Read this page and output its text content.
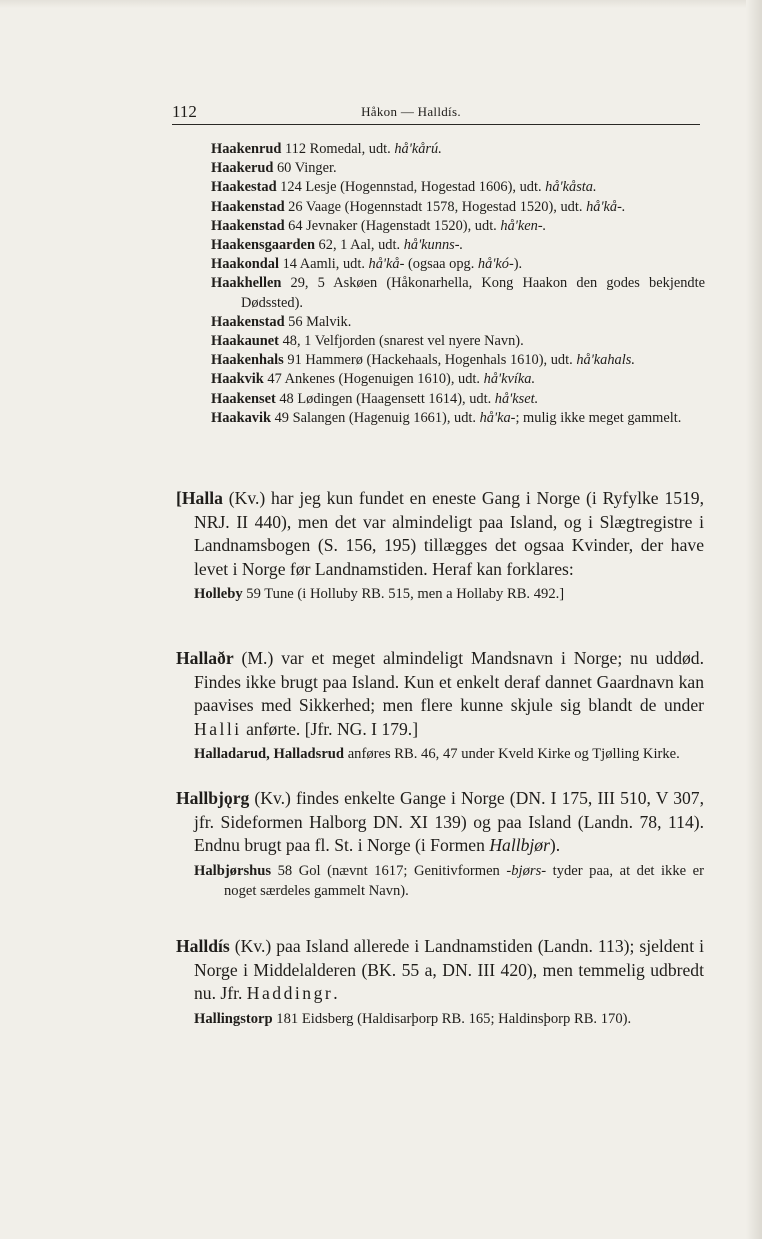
112	Håkon — Halldís.

Haakenrud 112 Romedal, udt. hå'kårú.

Haakerud 60 Vinger.

Haakestad 124 Lesje (Hogennstad, Hogestad 1606), udt. hå'kåsta.

Haakenstad 26 Vaage (Hogennstadt 1578, Hogestad 1520), udt. hå'kå-.

Haakenstad 64 Jevnaker (Hagenstadt 1520), udt. hå'ken-.

Haakensgaarden 62, 1 Aal, udt. hå'kunns-.

Haakondal 14 Aamli, udt. hå'kå- (ogsaa opg. hå'kó-).

Haakhellen 29, 5 Askøen (Håkonarhella, Kong Haakon den godes bekjendte Dødssted).

Haakenstad 56 Malvik.

Haakaunet 48, 1 Velfjorden (snarest vel nyere Navn).

Haakenhals 91 Hammerø (Hackehaals, Hogenhals 1610), udt. hå'kahals.

Haakvik 47 Ankenes (Hogenuigen 1610), udt. hå'kvíka.

Haakenset 48 Lødingen (Haagensett 1614), udt. hå'kset.

Haakavik 49 Salangen (Hagenuig 1661), udt. hå'ka-; mulig ikke meget gammelt.

[Halla (Kv.) har jeg kun fundet en eneste Gang i Norge (i Ryfylke 1519, NRJ. II 440), men det var almindeligt paa Island, og i Slægtregistre i Landnamsbogen (S. 156, 195) tillægges det ogsaa Kvinder, der have levet i Norge før Landnamstiden. Heraf kan forklares:

Holleby 59 Tune (i Holluby RB. 515, men a Hollaby RB. 492.]

Hallaðr (M.) var et meget almindeligt Mandsnavn i Norge; nu uddød. Findes ikke brugt paa Island. Kun et enkelt deraf dannet Gaardnavn kan paavises med Sikkerhed; men flere kunne skjule sig blandt de under Halli anførte. [Jfr. NG. I 179.]

Halladarud, Halladsrud anføres RB. 46, 47 under Kveld Kirke og Tjølling Kirke.

Hallbjǫrg (Kv.) findes enkelte Gange i Norge (DN. I 175, III 510, V 307, jfr. Sideformen Halborg DN. XI 139) og paa Island (Landn. 78, 114). Endnu brugt paa fl. St. i Norge (i Formen Hallbjør).

Halbjørshus 58 Gol (nævnt 1617; Genitivformen -bjørs- tyder paa, at det ikke er noget særdeles gammelt Navn).

Halldís (Kv.) paa Island allerede i Landnamstiden (Landn. 113); sjeldent i Norge i Middelalderen (BK. 55 a, DN. III 420), men temmelig udbredt nu. Jfr. Haddingr.

Hallingstorp 181 Eidsberg (Haldisarþorp RB. 165; Haldinsþorp RB. 170).
